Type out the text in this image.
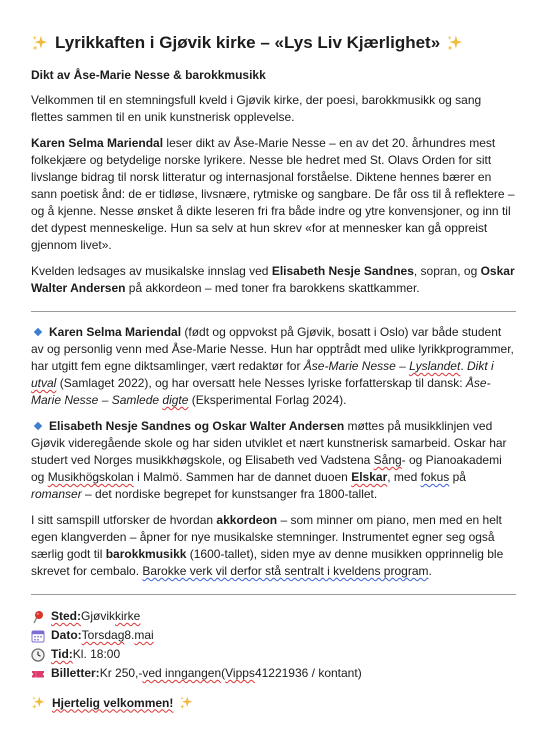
Lyrikkaften i Gjøvik kirke – «Lys Liv Kjærlighet»
Dikt av Åse-Marie Nesse & barokkmusikk

Velkommen til en stemningsfull kveld i Gjøvik kirke, der poesi, barokkmusikk og sang flettes sammen til en unik kunstnerisk opplevelse.

Karen Selma Mariendal leser dikt av Åse-Marie Nesse – en av det 20. århundres mest folkekjære og betydelige norske lyrikere. Nesse ble hedret med St. Olavs Orden for sitt livslange bidrag til norsk litteratur og internasjonal forståelse. Diktene hennes bærer en sann poetisk ånd: de er tidløse, livsnære, rytmiske og sangbare. De får oss til å reflektere – og å kjenne. Nesse ønsket å dikte leseren fri fra både indre og ytre konvensjoner, og inn til det dypest menneskelige. Hun sa selv at hun skrev «for at mennesker kan gå oppreist gjennom livet».

Kvelden ledsages av musikalske innslag ved Elisabeth Nesje Sandnes, sopran, og Oskar Walter Andersen på akkordeon – med toner fra barokkens skattkammer.

Karen Selma Mariendal (født og oppvokst på Gjøvik, bosatt i Oslo) var både student av og personlig venn med Åse-Marie Nesse. Hun har opptrådt med ulike lyrikkprogrammer, har utgitt fem egne diktsamlinger, vært redaktør for Åse-Marie Nesse – Lyslandet. Dikt i utval (Samlaget 2022), og har oversatt hele Nesses lyriske forfatterskap til dansk: Åse-Marie Nesse – Samlede digte (Eksperimental Forlag 2024).

Elisabeth Nesje Sandnes og Oskar Walter Andersen møttes på musikklinjen ved Gjøvik videregående skole og har siden utviklet et nært kunstnerisk samarbeid. Oskar har studert ved Norges musikkhøgskole, og Elisabeth ved Vadstena Sång- og Pianoakademi og Musikhögskolan i Malmö. Sammen har de dannet duoen Elskar, med fokus på romanser – det nordiske begrepet for kunstsanger fra 1800-tallet.

I sitt samspill utforsker de hvordan akkordeon – som minner om piano, men med en helt egen klangverden – åpner for nye musikalske stemninger. Instrumentet egner seg også særlig godt til barokkmusikk (1600-tallet), siden mye av denne musikken opprinnelig ble skrevet for cembalo. Barokke verk vil derfor stå sentralt i kveldens program.

Sted: Gjøvik kirke
Dato: Torsdag 8. mai
Tid: Kl. 18:00
Billetter: Kr 250,- ved inngangen ( Vipps 41221936 / kontant)
Hjertelig velkommen!
